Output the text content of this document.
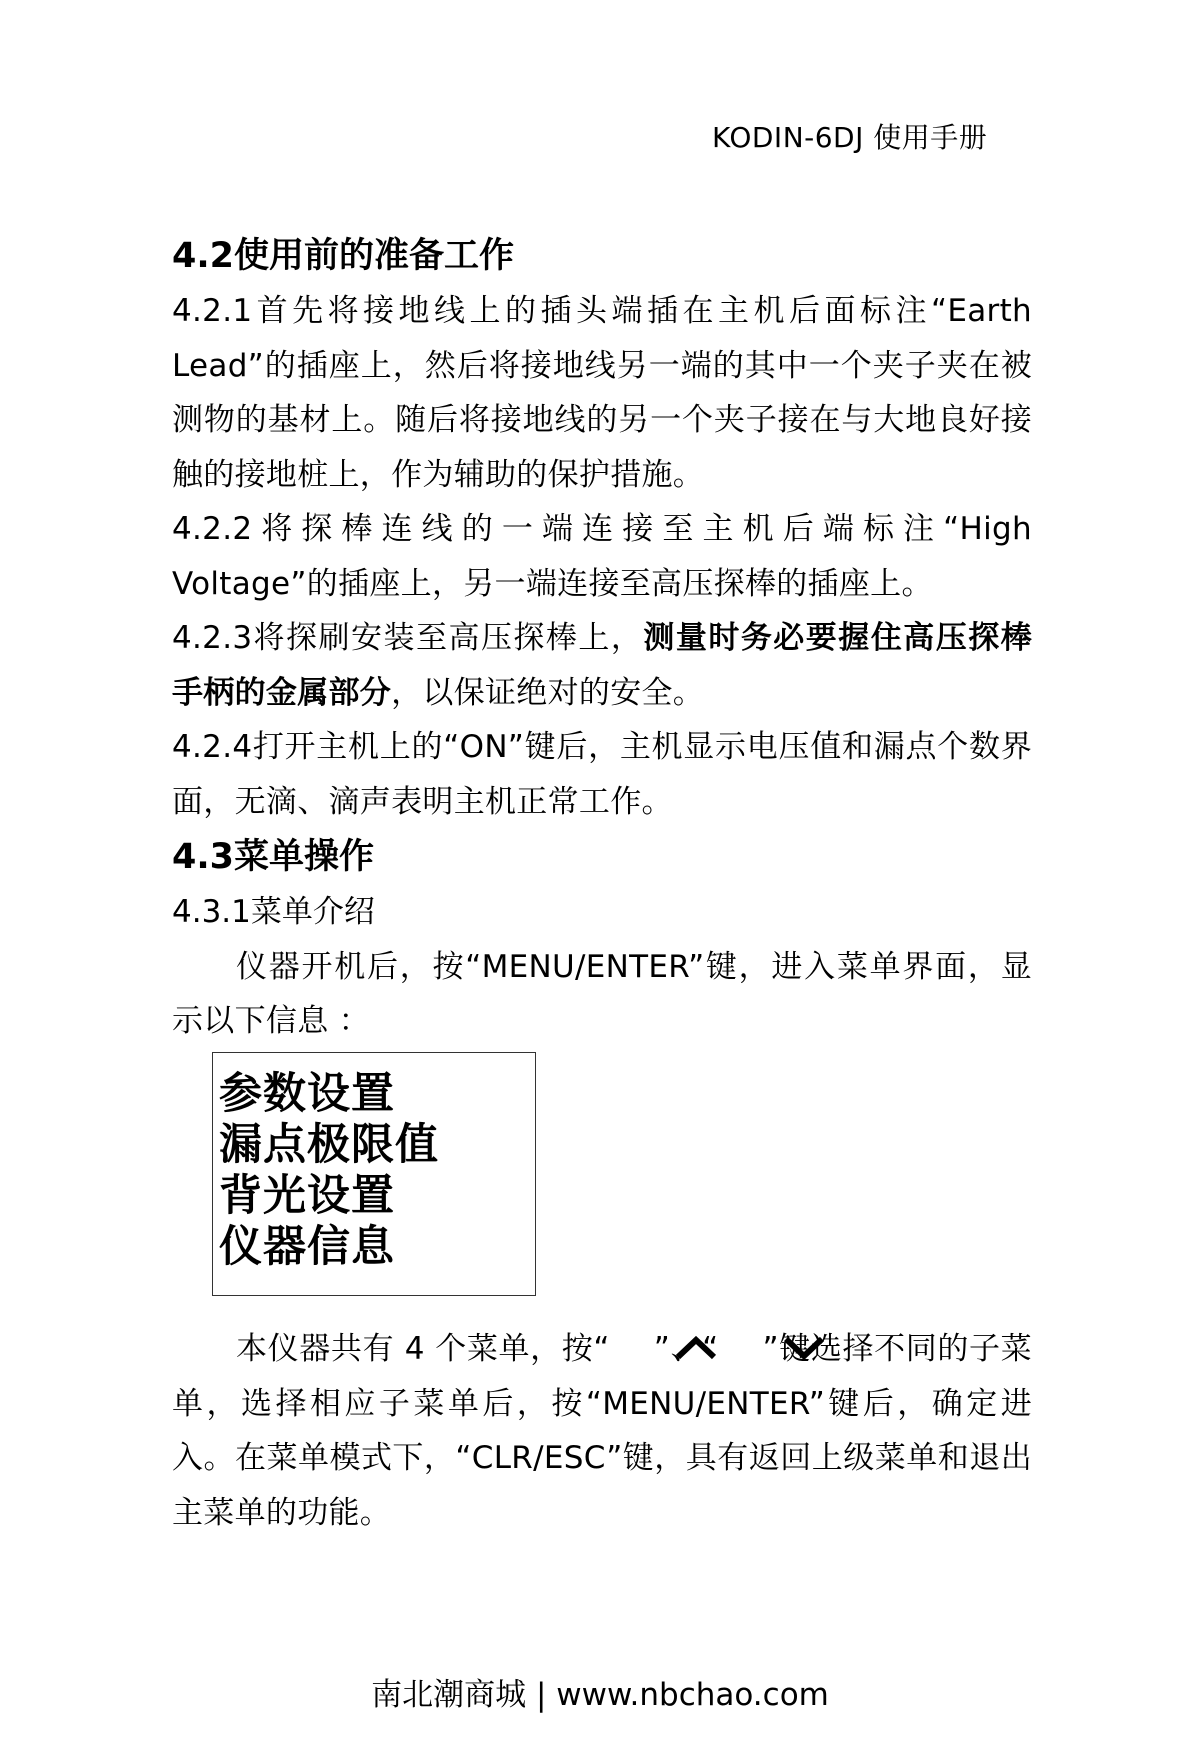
KODIN-6DJ 使用手册
4.2使用前的准备工作

4.2.1首先将接地线上的插头端插在主机后面标注“Earth Lead”的插座上，然后将接地线另一端的其中一个夹子夹在被测物的基材上。随后将接地线的另一个夹子接在与大地良好接触的接地桩上，作为辅助的保护措施。

4.2.2将探棒连线的一端连接至主机后端标注“High Voltage”的插座上，另一端连接至高压探棒的插座上。

4.2.3将探刷安装至高压探棒上，测量时务必要握住高压探棒手柄的金属部分，以保证绝对的安全。

4.2.4打开主机上的“ON”键后，主机显示电压值和漏点个数界面，无滴、滴声表明主机正常工作。

4.3菜单操作

4.3.1菜单介绍

仪器开机后，按“MENU/ENTER”键，进入菜单界面，显示以下信息 ：

参数设置
漏点极限值
背光设置
仪器信息

本仪器共有 4 个菜单，按“ ”、“ ”键选择不同的子菜单，选择相应子菜单后，按“MENU/ENTER”键后，确定进入。在菜单模式下，“CLR/ESC”键，具有返回上级菜单和退出主菜单的功能。

南北潮商城 | www.nbchao.com
